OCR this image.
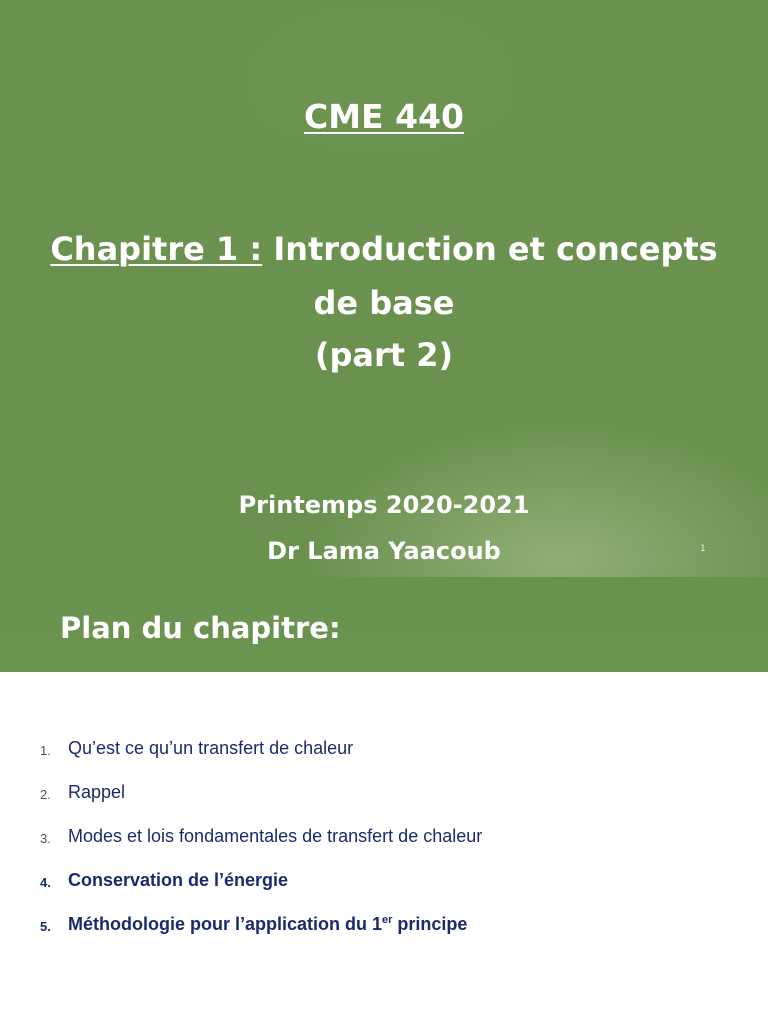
CME 440
Chapitre 1 : Introduction et concepts de base
(part 2)
Printemps 2020-2021
Dr Lama Yaacoub	1
Plan du chapitre:
1. Qu’est ce qu’un transfert de chaleur
2. Rappel
3. Modes et lois fondamentales de transfert de chaleur
4. Conservation de l’énergie
5. Méthodologie pour l’application du 1er principe
